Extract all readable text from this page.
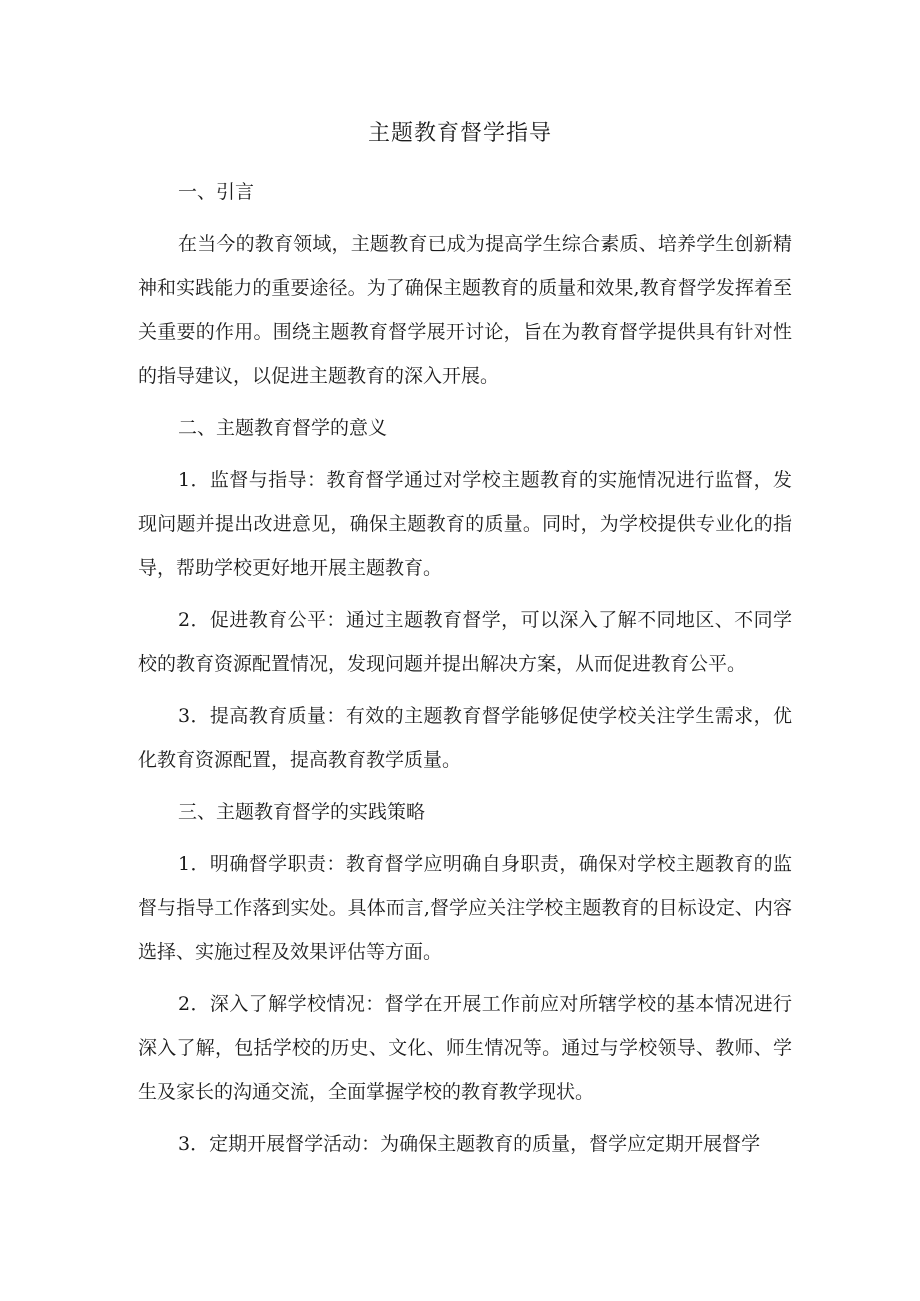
主题教育督学指导

一、引言

在当今的教育领域，主题教育已成为提高学生综合素质、培养学生创新精神和实践能力的重要途径。为了确保主题教育的质量和效果,教育督学发挥着至关重要的作用。围绕主题教育督学展开讨论，旨在为教育督学提供具有针对性的指导建议，以促进主题教育的深入开展。

二、主题教育督学的意义

1．监督与指导：教育督学通过对学校主题教育的实施情况进行监督，发现问题并提出改进意见，确保主题教育的质量。同时，为学校提供专业化的指导，帮助学校更好地开展主题教育。

2．促进教育公平：通过主题教育督学，可以深入了解不同地区、不同学校的教育资源配置情况，发现问题并提出解决方案，从而促进教育公平。

3．提高教育质量：有效的主题教育督学能够促使学校关注学生需求，优化教育资源配置，提高教育教学质量。

三、主题教育督学的实践策略

1．明确督学职责：教育督学应明确自身职责，确保对学校主题教育的监督与指导工作落到实处。具体而言,督学应关注学校主题教育的目标设定、内容选择、实施过程及效果评估等方面。

2．深入了解学校情况：督学在开展工作前应对所辖学校的基本情况进行深入了解，包括学校的历史、文化、师生情况等。通过与学校领导、教师、学生及家长的沟通交流，全面掌握学校的教育教学现状。

3．定期开展督学活动：为确保主题教育的质量，督学应定期开展督学
